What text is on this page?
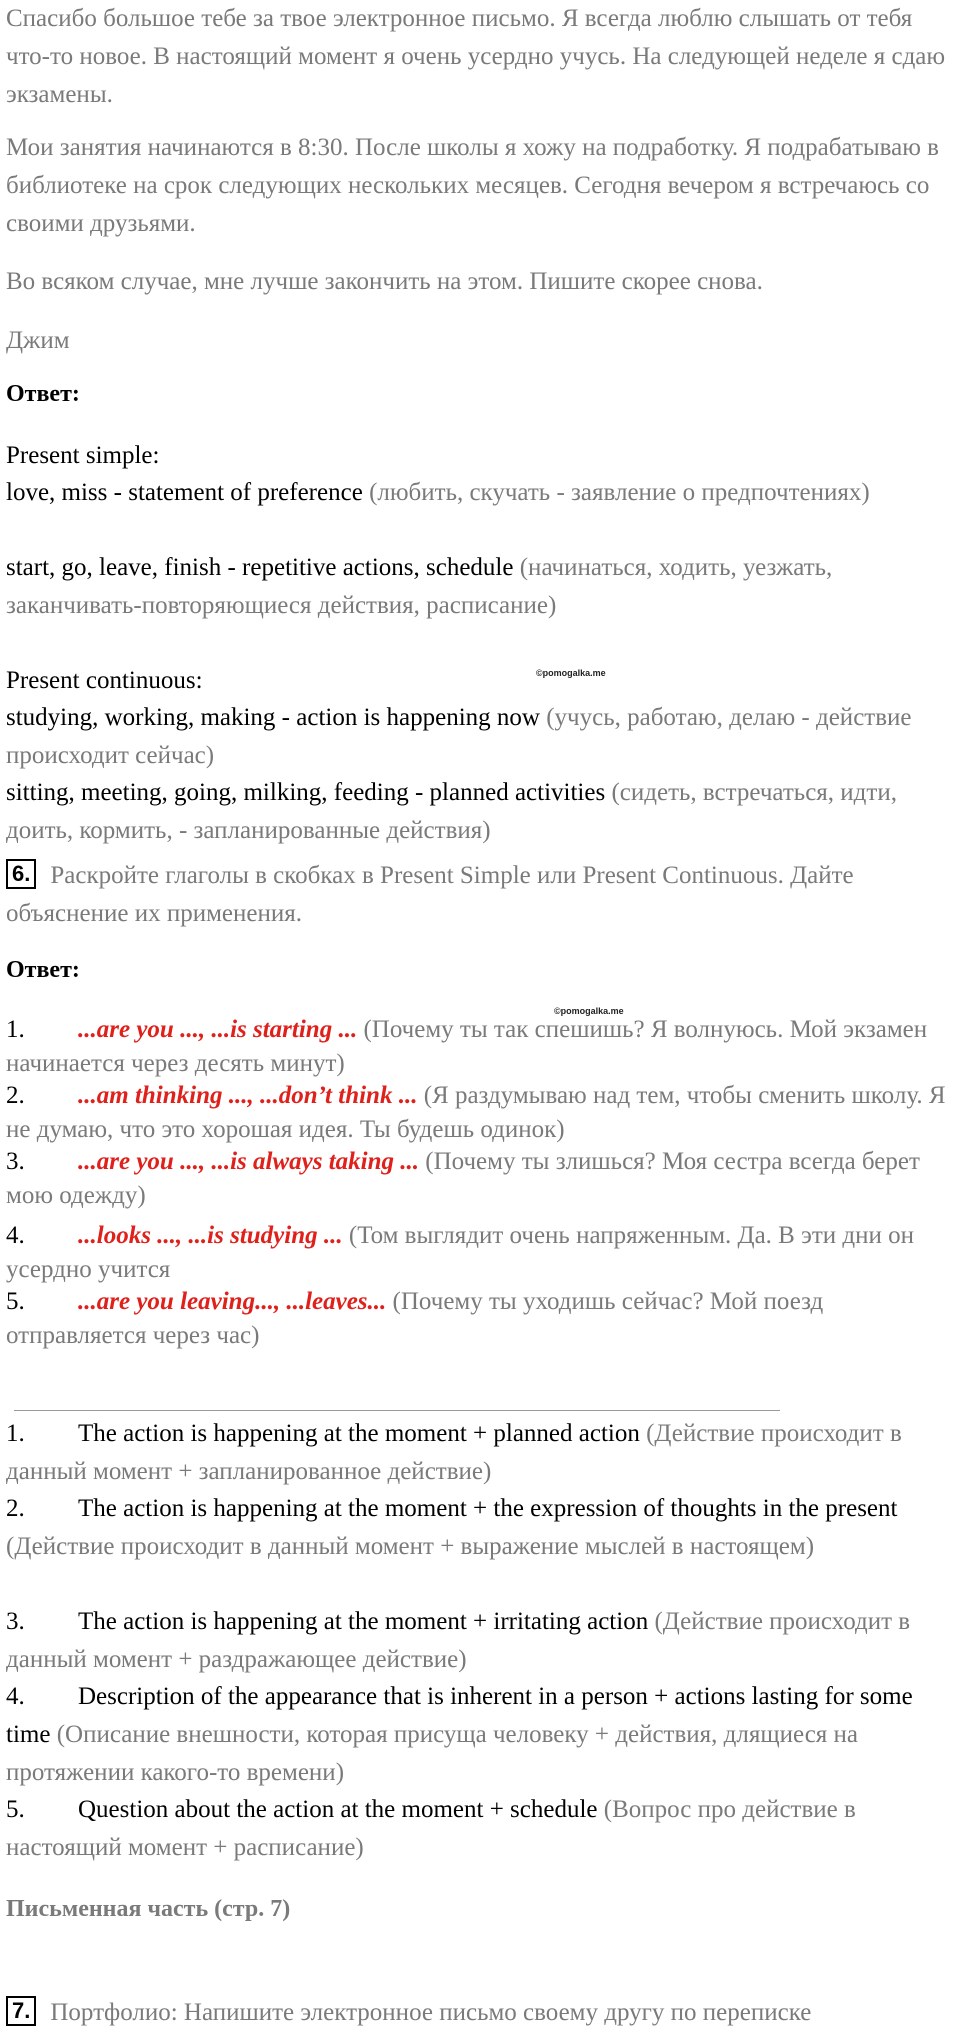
Спасибо большое тебе за твое электронное письмо. Я всегда люблю слышать от тебя что-то новое. В настоящий момент я очень усердно учусь. На следующей неделе я сдаю экзамены.

Мои занятия начинаются в 8:30. После школы я хожу на подработку. Я подрабатываю в библиотеке на срок следующих нескольких месяцев. Сегодня вечером я встречаюсь со своими друзьями.

Во всяком случае, мне лучше закончить на этом. Пишите скорее снова.

Джим

Ответ:
Present simple:
love, miss - statement of preference (любить, скучать - заявление о предпочтениях)
start, go, leave, finish - repetitive actions, schedule (начинаться, ходить, уезжать, заканчивать-повторяющиеся действия, расписание)
Present continuous:	©pomogalka.me
studying, working, making - action is happening now (учусь, работаю, делаю - действие происходит сейчас)
sitting, meeting, going, milking, feeding - planned activities (сидеть, встречаться, идти, доить, кормить, - запланированные действия)
6. Раскройте глаголы в скобках в Present Simple или Present Continuous. Дайте объяснение их применения.
Ответ:
©pomogalka.me
1. ...are you ..., ...is starting ... (Почему ты так спешишь? Я волнуюсь. Мой экзамен начинается через десять минут)
2. ...am thinking ..., ...don’t think ... (Я раздумываю над тем, чтобы сменить школу. Я не думаю, что это хорошая идея. Ты будешь одинок)
3. ...are you ..., ...is always taking ... (Почему ты злишься? Моя сестра всегда берет мою одежду)
4. ...looks ..., ...is studying ... (Том выглядит очень напряженным. Да. В эти дни он усердно учится
5. ...are you leaving..., ...leaves... (Почему ты уходишь сейчас? Мой поезд отправляется через час)
1. The action is happening at the moment + planned action (Действие происходит в данный момент + запланированное действие)
2. The action is happening at the moment + the expression of thoughts in the present (Действие происходит в данный момент + выражение мыслей в настоящем)
3. The action is happening at the moment + irritating action (Действие происходит в данный момент + раздражающее действие)
4. Description of the appearance that is inherent in a person + actions lasting for some time (Описание внешности, которая присуща человеку + действия, длящиеся на протяжении какого-то времени)
5. Question about the action at the moment + schedule (Вопрос про действие в настоящий момент + расписание)
Письменная часть (стр. 7)
7. Портфолио: Напишите электронное письмо своему другу по переписке
